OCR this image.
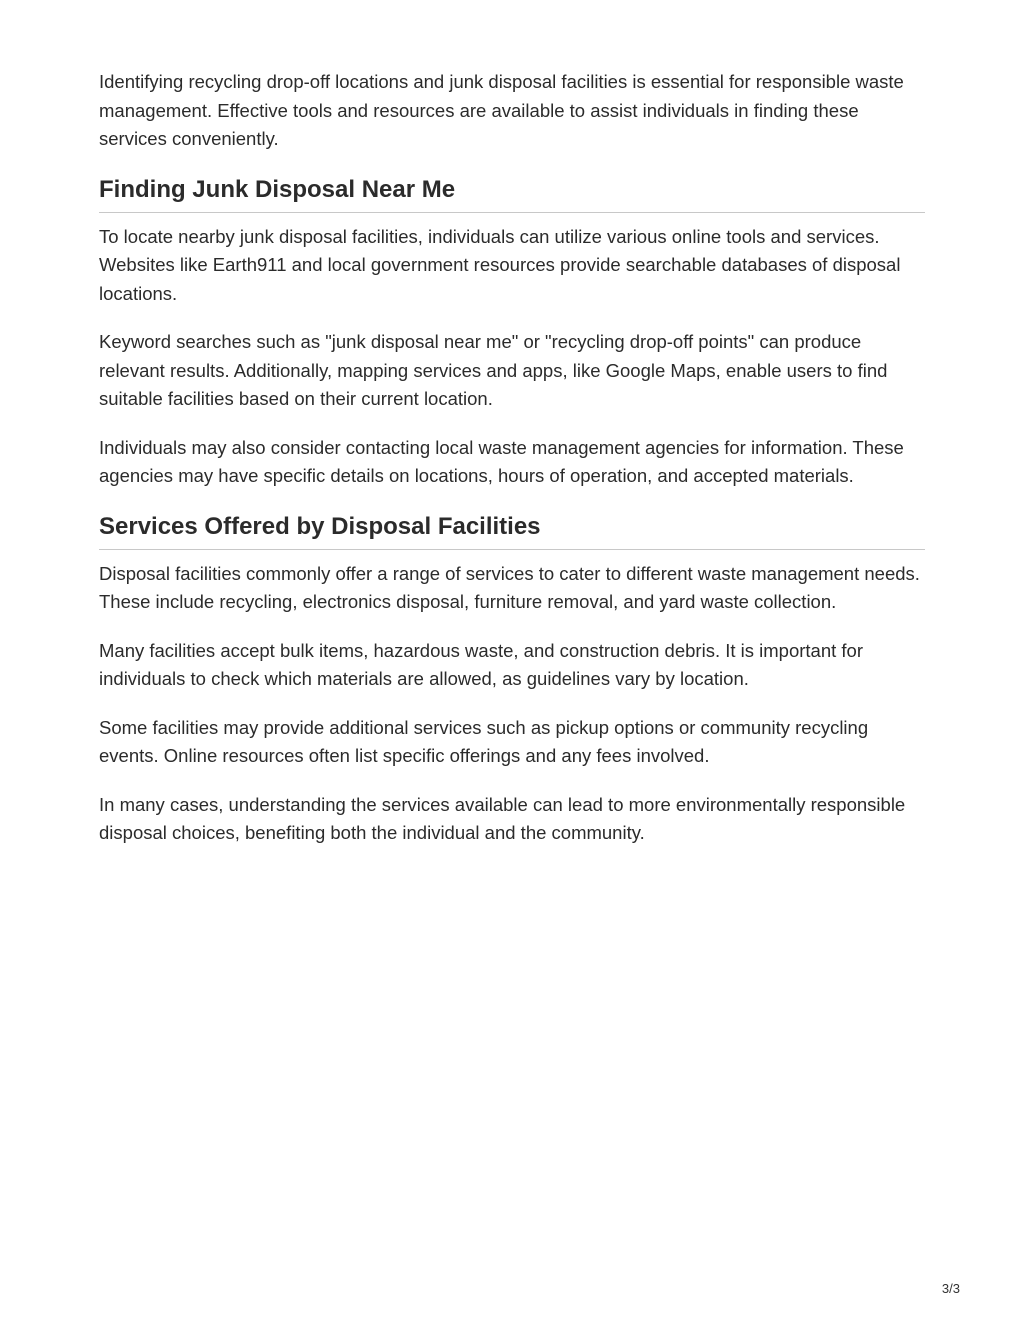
Identifying recycling drop-off locations and junk disposal facilities is essential for responsible waste management. Effective tools and resources are available to assist individuals in finding these services conveniently.

Finding Junk Disposal Near Me

To locate nearby junk disposal facilities, individuals can utilize various online tools and services. Websites like Earth911 and local government resources provide searchable databases of disposal locations.

Keyword searches such as "junk disposal near me" or "recycling drop-off points" can produce relevant results. Additionally, mapping services and apps, like Google Maps, enable users to find suitable facilities based on their current location.

Individuals may also consider contacting local waste management agencies for information. These agencies may have specific details on locations, hours of operation, and accepted materials.

Services Offered by Disposal Facilities

Disposal facilities commonly offer a range of services to cater to different waste management needs. These include recycling, electronics disposal, furniture removal, and yard waste collection.

Many facilities accept bulk items, hazardous waste, and construction debris. It is important for individuals to check which materials are allowed, as guidelines vary by location.

Some facilities may provide additional services such as pickup options or community recycling events. Online resources often list specific offerings and any fees involved.

In many cases, understanding the services available can lead to more environmentally responsible disposal choices, benefiting both the individual and the community.

3/3
